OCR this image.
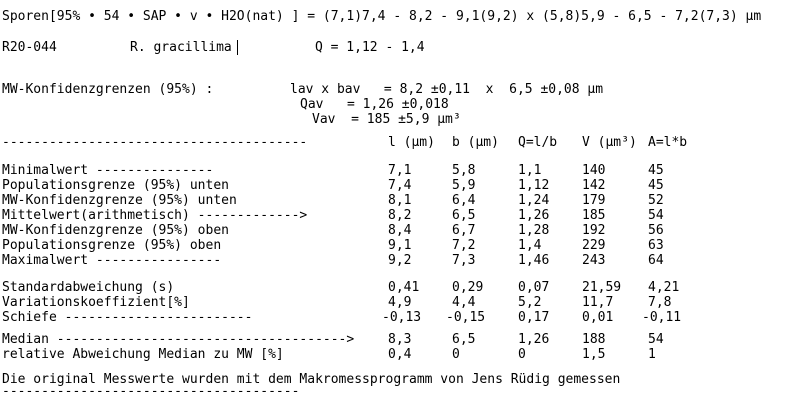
Sporen[95% • 54 • SAP • v • H2O(nat) ] = (7,1)7,4 - 8,2 - 9,1(9,2) x (5,8)5,9 - 6,5 - 7,2(7,3) µm
R20-044	R. gracillima	Q = 1,12 - 1,4
MW-Konfidenzgrenzen (95%) :	lav x bav   = 8,2 ±0,11  x  6,5 ±0,08 µm
Qav   = 1,26 ±0,018
Vav  = 185 ±5,9 µm³
---------------------------------------	l (µm) b (µm) Q=l/b V (µm³) A=l*b
Minimalwert ---------------	7,1	5,8	1,1	140	45
Populationsgrenze (95%) unten	7,4	5,9	1,12	142	45
MW-Konfidenzgrenze (95%) unten	8,1	6,4	1,24	179	52
Mittelwert(arithmetisch) ------------->	8,2	6,5	1,26	185	54
MW-Konfidenzgrenze (95%) oben	8,4	6,7	1,28	192	56
Populationsgrenze (95%) oben	9,1	7,2	1,4	229	63
Maximalwert ----------------	9,2	7,3	1,46	243	64
Standardabweichung (s)	0,41	0,29	0,07	21,59 4,21
Variationskoeffizient[%]	4,9	4,4	5,2	11,7	7,8
Schiefe ------------------------	-0,13 -0,15	0,17	0,01 -0,11
Median ------------------------------------->	8,3	6,5	1,26	188	54
relative Abweichung Median zu MW [%]	0,4	0	0	1,5	1
Die original Messwerte wurden mit dem Makromessprogramm von Jens Rüdig gemessen
--------------------------------------
